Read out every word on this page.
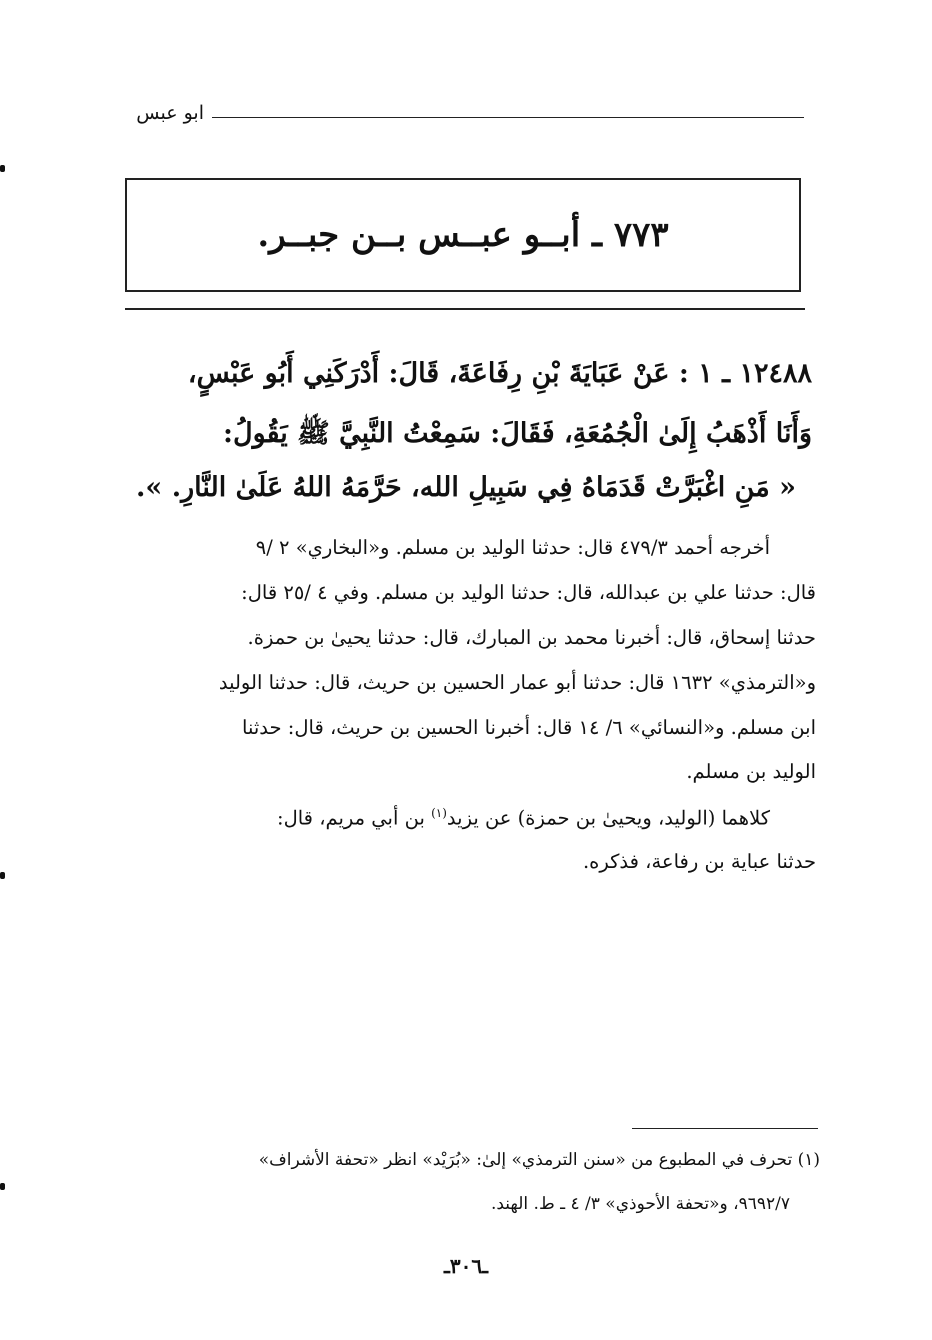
ابو عبس
٧٧٣ ـ أبــو عبــس بــن جبــر.
١٢٤٨٨ ـ ١ : عَنْ عَبَايَةَ بْنِ رِفَاعَةَ، قَالَ: أَدْرَكَنِي أَبُو عَبْسٍ،
وَأَنَا أَذْهَبُ إِلَىٰ الْجُمُعَةِ، فَقَالَ: سَمِعْتُ النَّبِيَّ ﷺ يَقُولُ:
« مَنِ اغْبَرَّتْ قَدَمَاهُ فِي سَبِيلِ الله، حَرَّمَهُ اللهُ عَلَىٰ النَّارِ. ».
أخرجه أحمد ٤٧٩/٣ قال: حدثنا الوليد بن مسلم. و«البخاري» ٢ /٩
قال: حدثنا علي بن عبدالله، قال: حدثنا الوليد بن مسلم. وفي ٤ /٢٥ قال:
حدثنا إسحاق، قال: أخبرنا محمد بن المبارك، قال: حدثنا يحيىٰ بن حمزة.
و«الترمذي» ١٦٣٢ قال: حدثنا أبو عمار الحسين بن حريث، قال: حدثنا الوليد
ابن مسلم. و«النسائي» ٦/ ١٤ قال: أخبرنا الحسين بن حريث، قال: حدثنا
الوليد بن مسلم.
كلاهما (الوليد، ويحيىٰ بن حمزة) عن يزيد$^{(١)}$ بن أبي مريم، قال:
حدثنا عباية بن رفاعة، فذكره.
(١) تحرف في المطبوع من «سنن الترمذي» إلىٰ: «بُرَيْد» انظر «تحفة الأشراف»
٩٦٩٢/٧، و«تحفة الأحوذي» ٣/ ٤ ـ ط. الهند.
ـ٣٠٦ـ
